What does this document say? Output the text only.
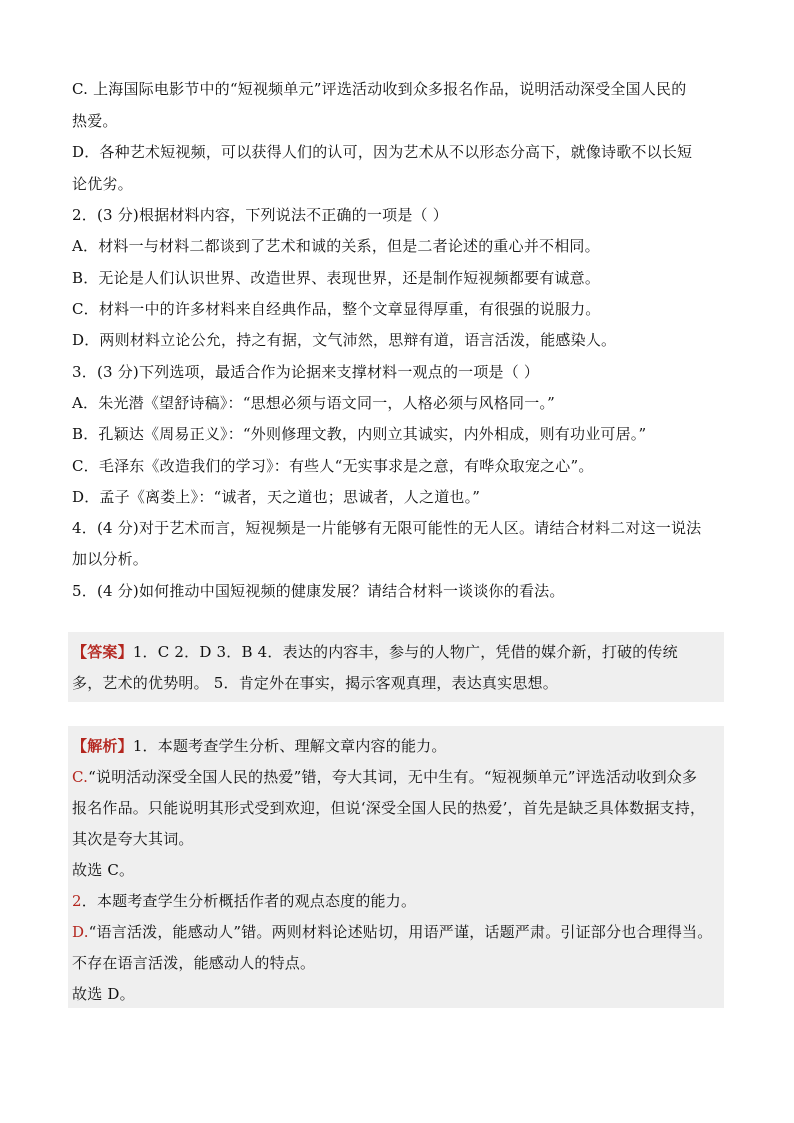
C. 上海国际电影节中的“短视频单元”评选活动收到众多报名作品，说明活动深受全国人民的
热爱。
D．各种艺术短视频，可以获得人们的认可，因为艺术从不以形态分高下，就像诗歌不以长短
论优劣。
2．(3 分)根据材料内容，下列说法不正确的一项是（ ）
A．材料一与材料二都谈到了艺术和诚的关系，但是二者论述的重心并不相同。
B．无论是人们认识世界、改造世界、表现世界，还是制作短视频都要有诚意。
C．材料一中的许多材料来自经典作品，整个文章显得厚重，有很强的说服力。
D．两则材料立论公允，持之有据，文气沛然，思辩有道，语言活泼，能感染人。
3．(3 分)下列选项，最适合作为论据来支撑材料一观点的一项是（ ）
A．朱光潜《望舒诗稿》：“思想必须与语文同一，人格必须与风格同一。”
B．孔颖达《周易正义》：“外则修理文教，内则立其诚实，内外相成，则有功业可居。”
C．毛泽东《改造我们的学习》：有些人“无实事求是之意，有哗众取宠之心”。
D．孟子《离娄上》：“诚者，天之道也；思诚者，人之道也。”
4．(4 分)对于艺术而言，短视频是一片能够有无限可能性的无人区。请结合材料二对这一说法
加以分析。
5．(4 分)如何推动中国短视频的健康发展？请结合材料一谈谈你的看法。
【答案】1．C 2．D 3．B 4．表达的内容丰，参与的人物广，凭借的媒介新，打破的传统
多，艺术的优势明。 5．肯定外在事实，揭示客观真理，表达真实思想。
【解析】1．本题考查学生分析、理解文章内容的能力。
C.“说明活动深受全国人民的热爱”错，夸大其词，无中生有。“短视频单元”评选活动收到众多
报名作品。只能说明其形式受到欢迎，但说‘深受全国人民的热爱’，首先是缺乏具体数据支持，
其次是夸大其词。
故选 C。
2．本题考查学生分析概括作者的观点态度的能力。
D.“语言活泼，能感动人”错。两则材料论述贴切，用语严谨，话题严肃。引证部分也合理得当。
不存在语言活泼，能感动人的特点。
故选 D。
